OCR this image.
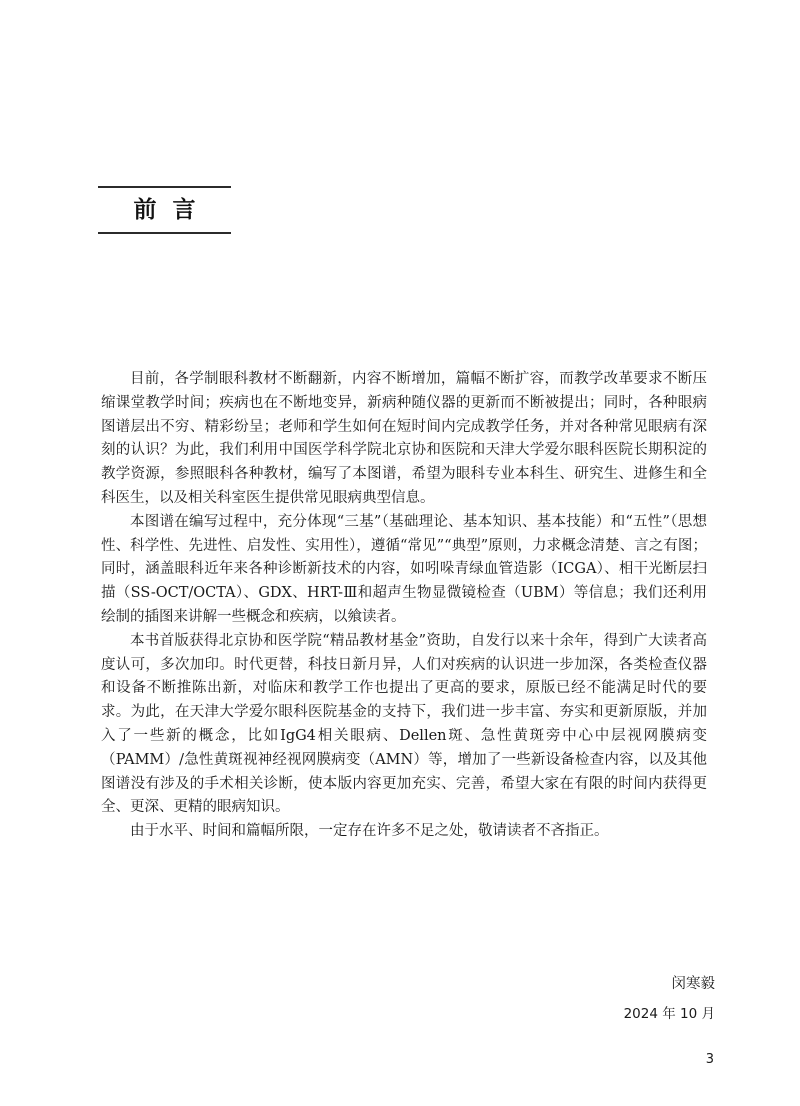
前言

目前，各学制眼科教材不断翻新，内容不断增加，篇幅不断扩容，而教学改革要求不断压缩课堂教学时间；疾病也在不断地变异，新病种随仪器的更新而不断被提出；同时，各种眼病图谱层出不穷、精彩纷呈；老师和学生如何在短时间内完成教学任务，并对各种常见眼病有深刻的认识？为此，我们利用中国医学科学院北京协和医院和天津大学爱尔眼科医院长期积淀的教学资源，参照眼科各种教材，编写了本图谱，希望为眼科专业本科生、研究生、进修生和全科医生，以及相关科室医生提供常见眼病典型信息。

本图谱在编写过程中，充分体现“三基”（基础理论、基本知识、基本技能）和“五性”（思想性、科学性、先进性、启发性、实用性），遵循“常见”“典型”原则，力求概念清楚、言之有图；同时，涵盖眼科近年来各种诊断新技术的内容，如吲哚青绿血管造影（ICGA）、相干光断层扫描（SS-OCT/OCTA）、GDX、HRT-Ⅲ和超声生物显微镜检查（UBM）等信息；我们还利用绘制的插图来讲解一些概念和疾病，以飨读者。

本书首版获得北京协和医学院“精品教材基金”资助，自发行以来十余年，得到广大读者高度认可，多次加印。时代更替，科技日新月异，人们对疾病的认识进一步加深，各类检查仪器和设备不断推陈出新，对临床和教学工作也提出了更高的要求，原版已经不能满足时代的要求。为此，在天津大学爱尔眼科医院基金的支持下，我们进一步丰富、夯实和更新原版，并加入了一些新的概念，比如IgG4相关眼病、Dellen斑、急性黄斑旁中心中层视网膜病变（PAMM）/急性黄斑视神经视网膜病变（AMN）等，增加了一些新设备检查内容，以及其他图谱没有涉及的手术相关诊断，使本版内容更加充实、完善，希望大家在有限的时间内获得更全、更深、更精的眼病知识。

由于水平、时间和篇幅所限，一定存在许多不足之处，敬请读者不吝指正。

闵寒毅
2024 年 10 月
3
